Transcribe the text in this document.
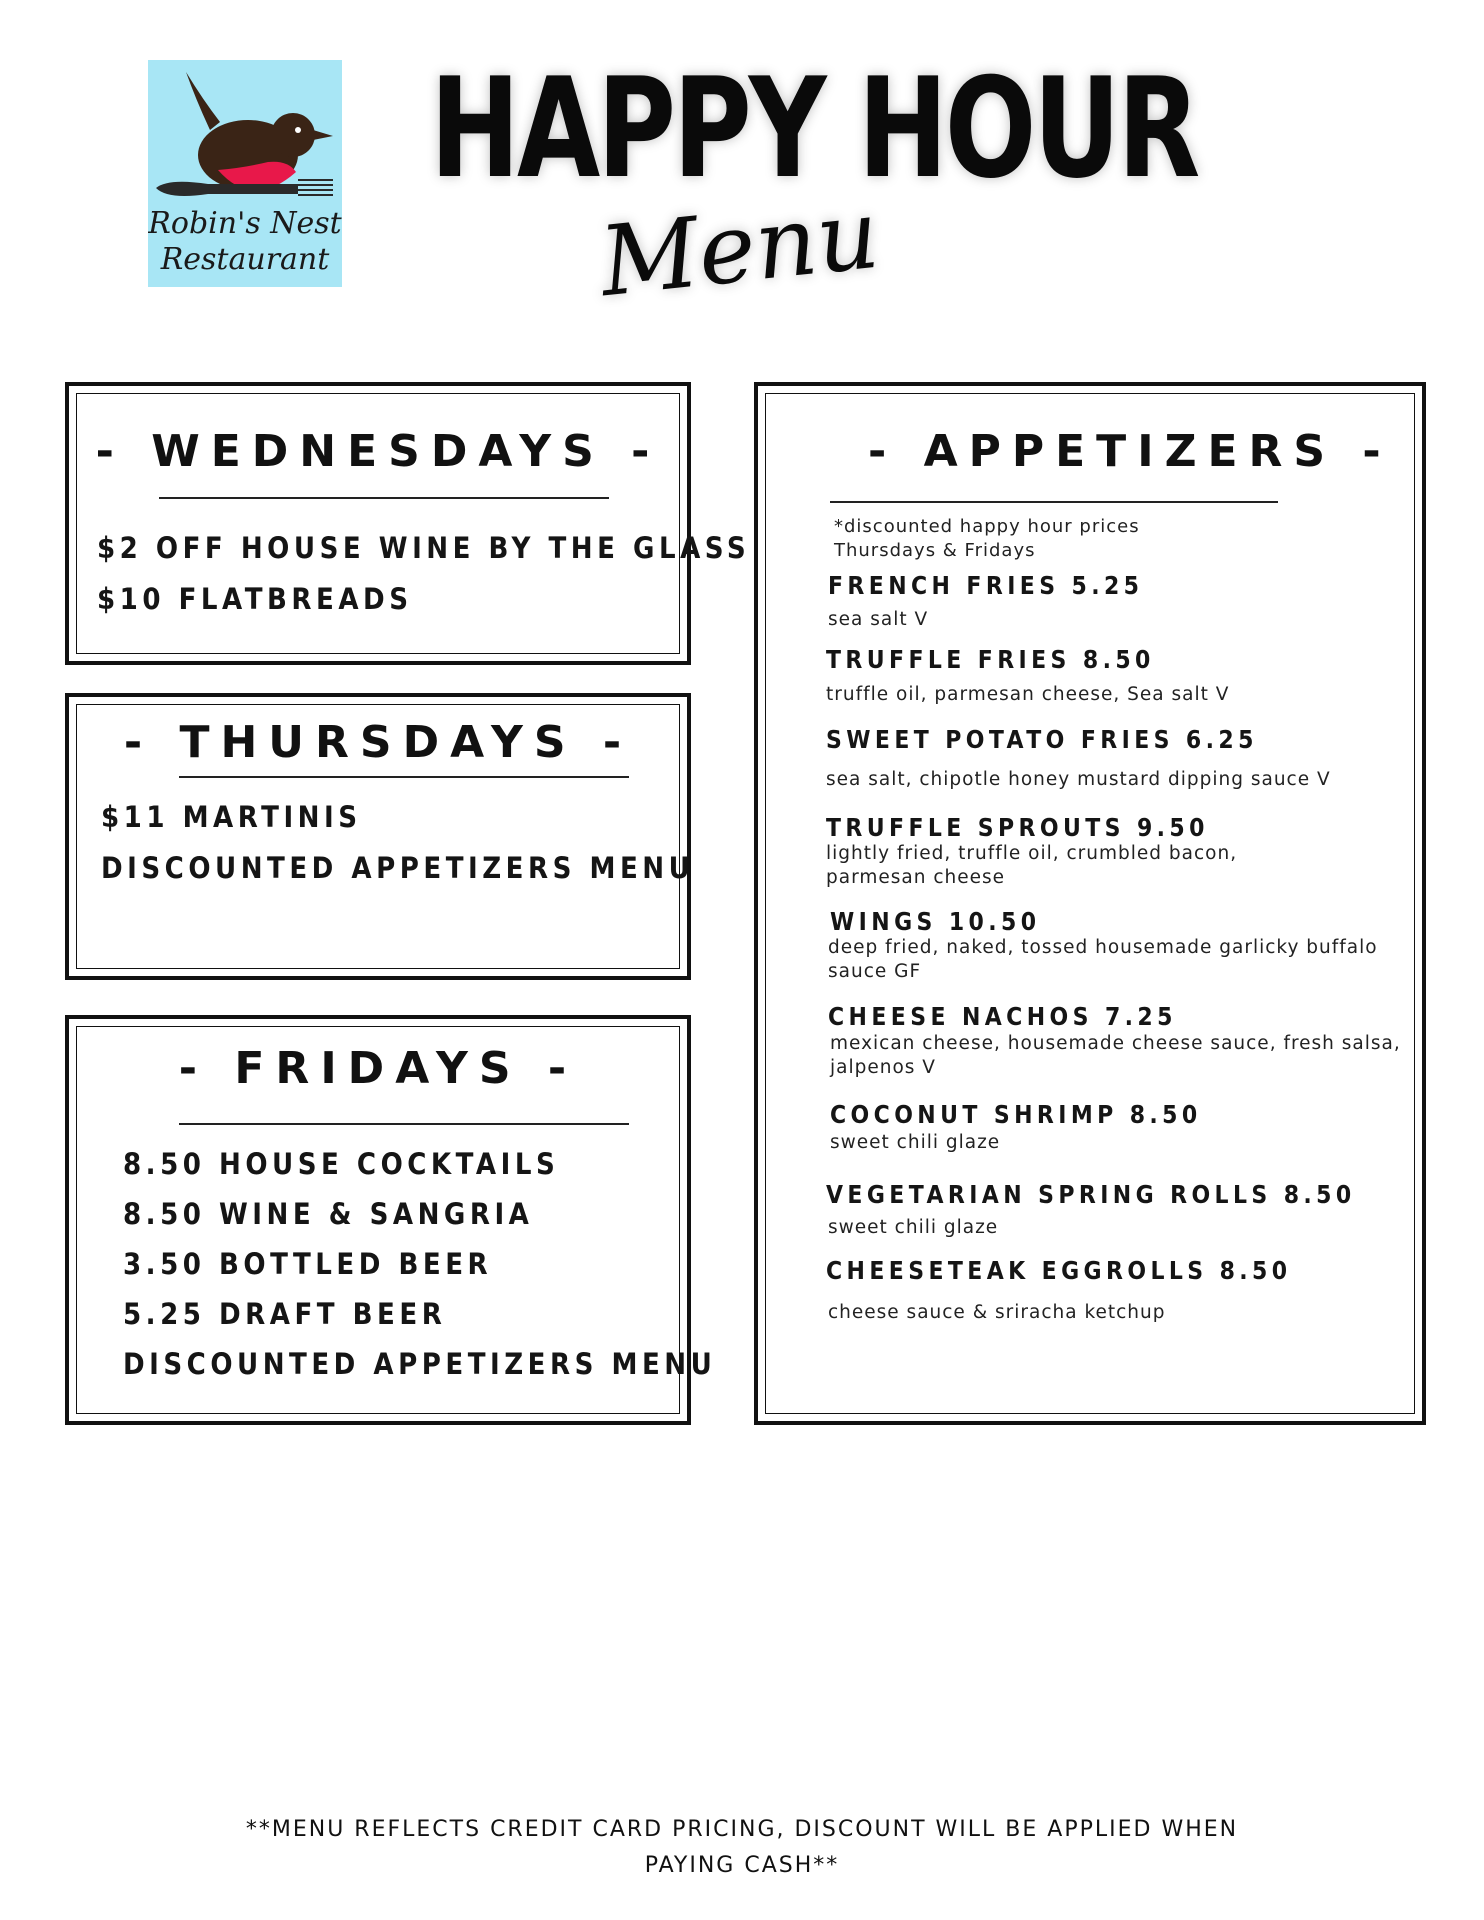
Robin's Nest
Restaurant
HAPPY HOUR
Menu
- WEDNESDAYS -
$2 OFF HOUSE WINE BY THE GLASS
$10 FLATBREADS
- THURSDAYS -
$11 MARTINIS
DISCOUNTED APPETIZERS MENU
- FRIDAYS -
8.50 HOUSE COCKTAILS
8.50 WINE & SANGRIA
3.50 BOTTLED BEER
5.25 DRAFT BEER
DISCOUNTED APPETIZERS MENU
- APPETIZERS -
*discounted happy hour prices
Thursdays & Fridays
FRENCH FRIES 5.25
sea salt V
TRUFFLE FRIES 8.50
truffle oil, parmesan cheese, Sea salt V
SWEET POTATO FRIES 6.25
sea salt, chipotle honey mustard dipping sauce V
TRUFFLE SPROUTS 9.50
lightly fried, truffle oil, crumbled bacon, parmesan cheese
WINGS 10.50
deep fried, naked, tossed housemade garlicky buffalo sauce GF
CHEESE NACHOS 7.25
mexican cheese, housemade cheese sauce, fresh salsa, jalpenos V
COCONUT SHRIMP 8.50
sweet chili glaze
VEGETARIAN SPRING ROLLS 8.50
sweet chili glaze
CHEESETEAK EGGROLLS 8.50
cheese sauce & sriracha ketchup
**MENU REFLECTS CREDIT CARD PRICING, DISCOUNT WILL BE APPLIED WHEN
PAYING CASH**
